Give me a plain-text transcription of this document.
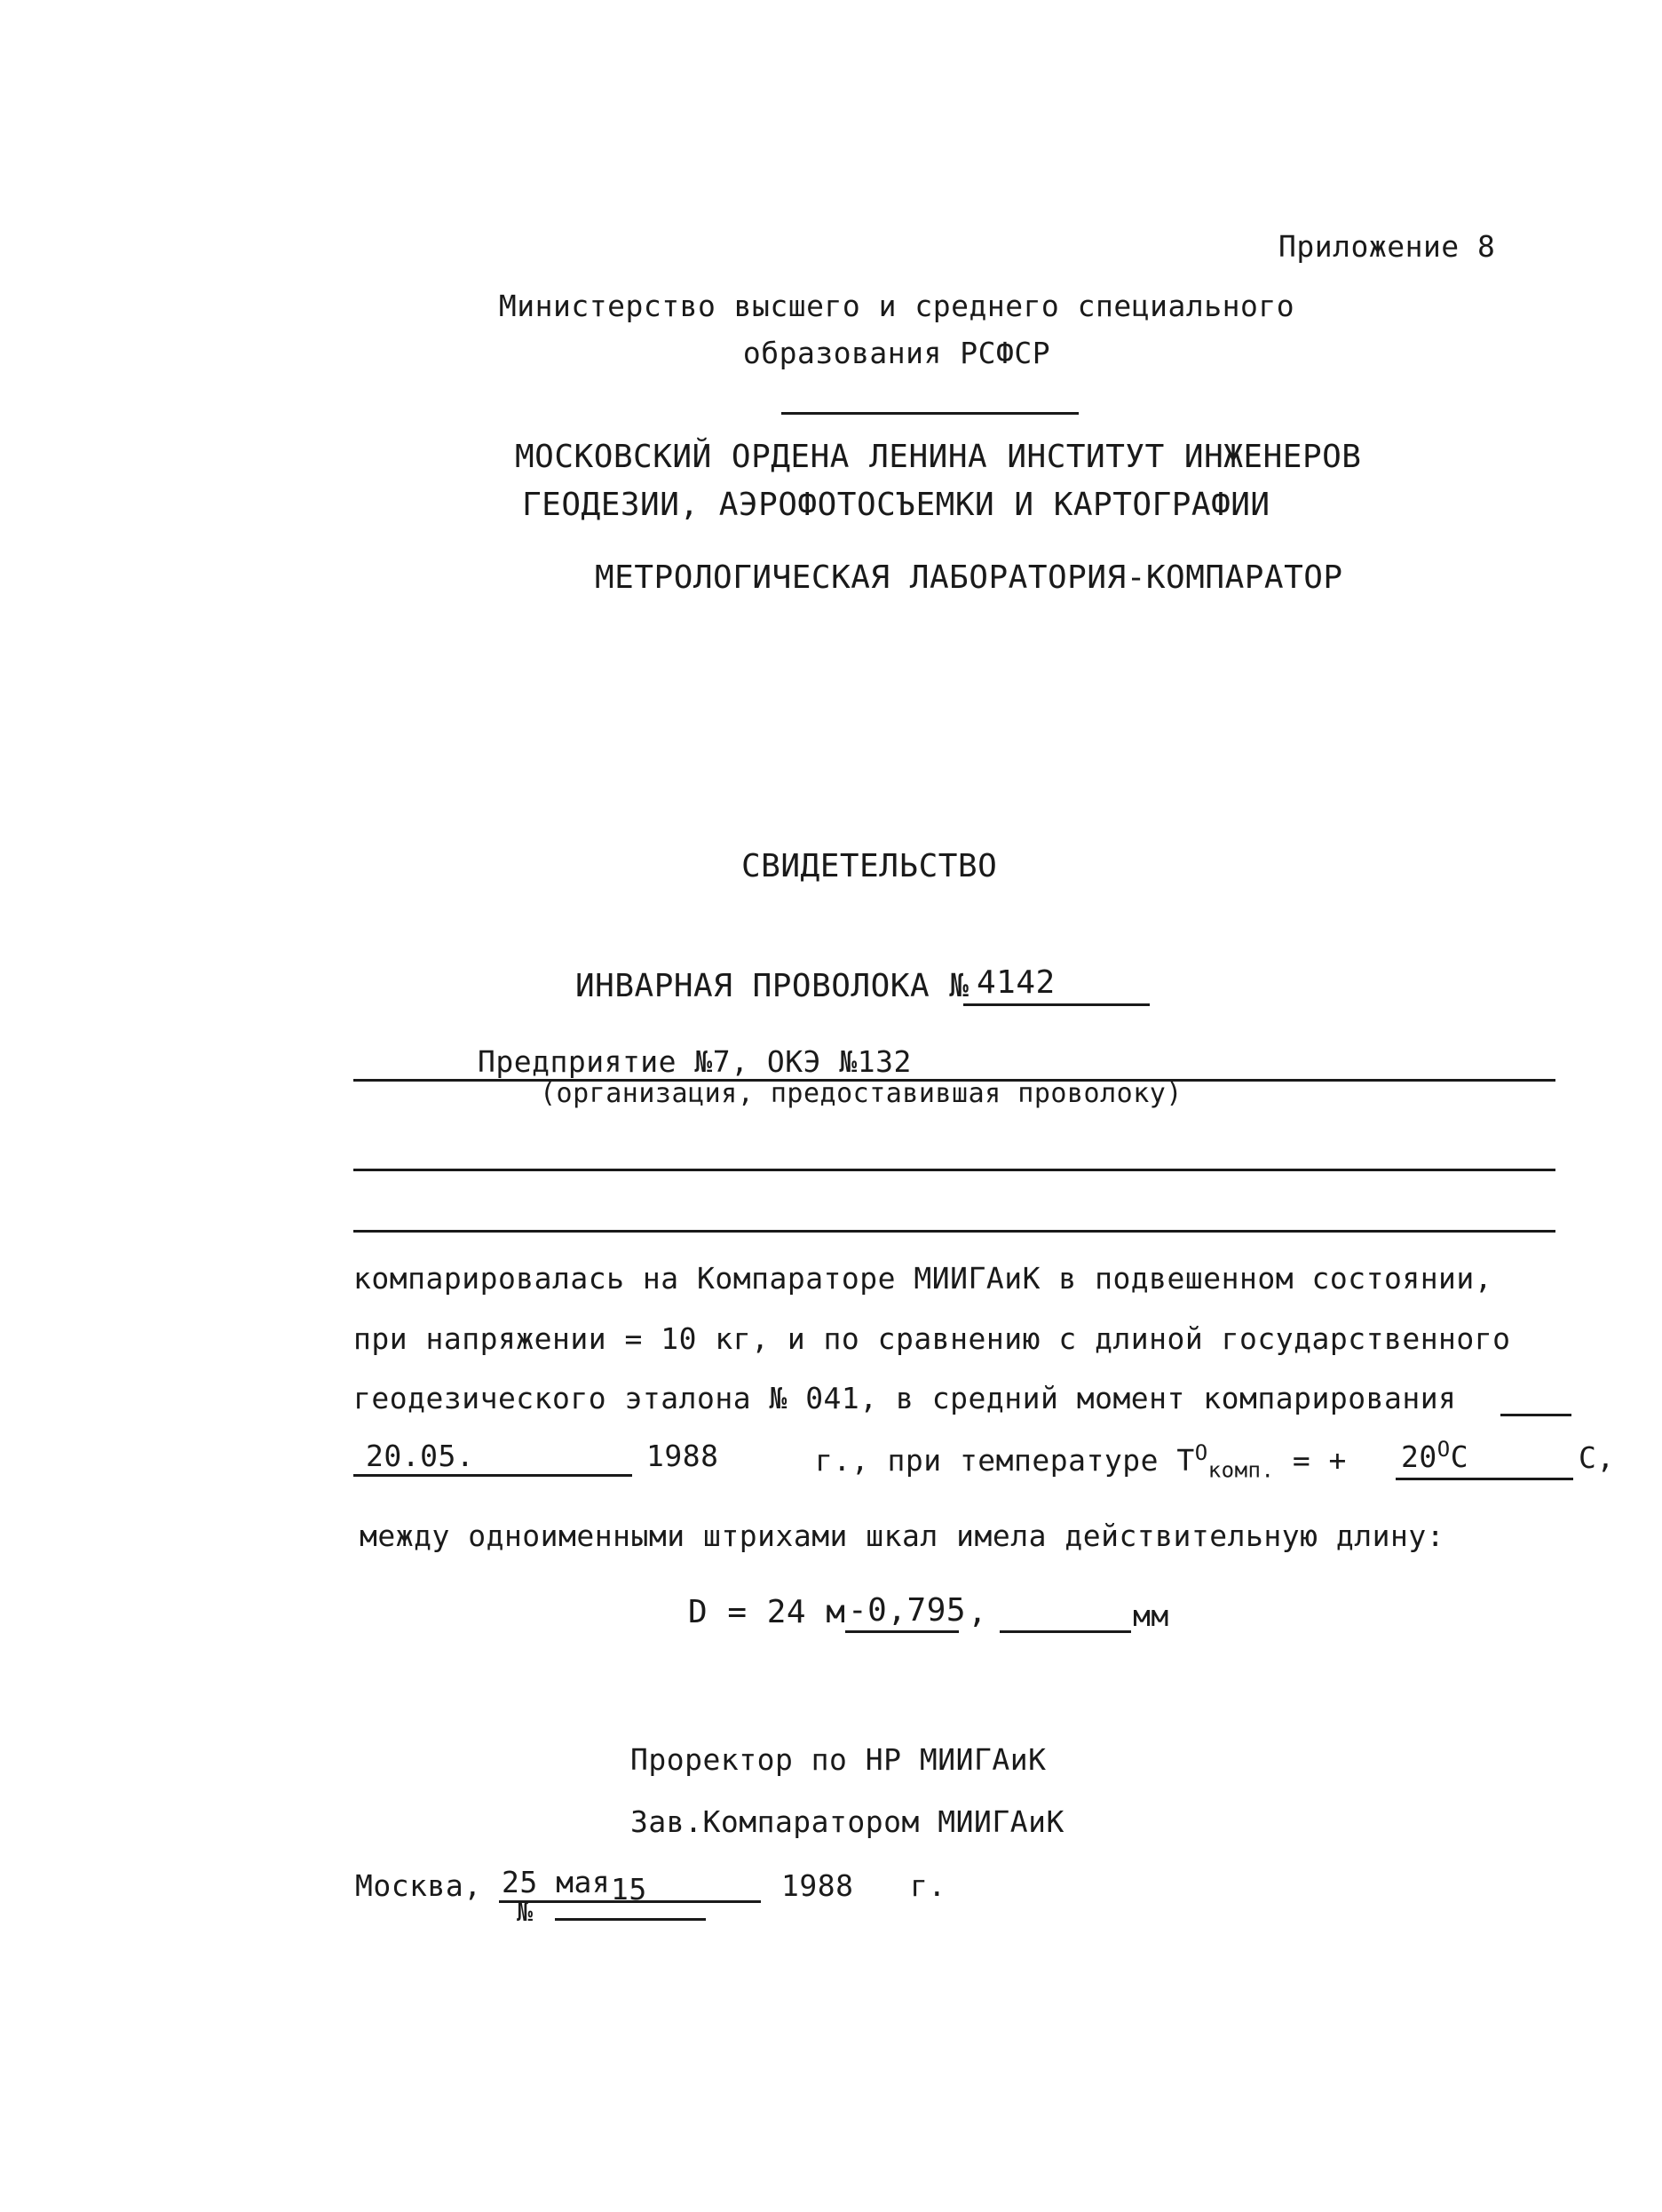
Приложение 8
Министерство высшего и среднего специального
образования РСФСР
МОСКОВСКИЙ ОРДЕНА ЛЕНИНА ИНСТИТУТ ИНЖЕНЕРОВ
ГЕОДЕЗИИ, АЭРОФОТОСЪЕМКИ И КАРТОГРАФИИ
МЕТРОЛОГИЧЕСКАЯ ЛАБОРАТОРИЯ-КОМПАРАТОР
СВИДЕТЕЛЬСТВО
ИНВАРНАЯ ПРОВОЛОКА № 4142
Предприятие №7, ОКЭ №132
(организация, предоставившая проволоку)
компарировалась на Компараторе МИИГАиК в подвешенном состоянии,
при напряжении = 10 кг, и по сравнению с длиной государственного
геодезического эталона № 041, в средний момент компарирования
20.05.	1988	г., при температуре $Т^О_{комп.}$ = + $20^ОС$	С,
между одноименными штрихами шкал имела действительную длину:
D = 24 м -0,795 ,	мм
Проректор по НР МИИГАиК
Зав.Компаратором МИИГАиК
Москва, 25 мая	1988 г.
№
15
